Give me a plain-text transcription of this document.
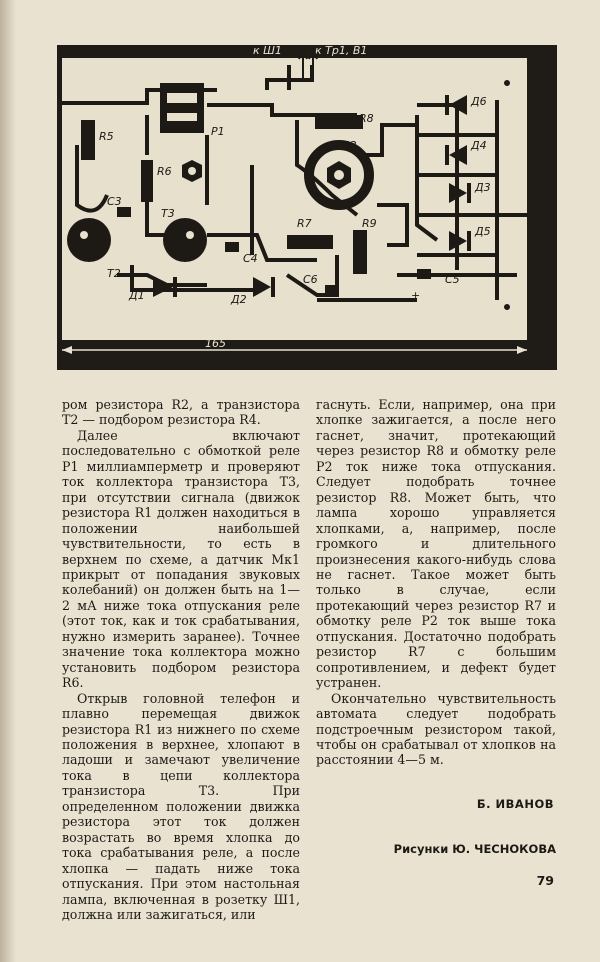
к Ш1	к Тр1, В1
P1
R5
R6
R8
P2
C3
T2
T3
C4
R7	R9
Д1	Д2
C6	C5
+
Д6
Д4
Д3
Д5
165

ром резистора R2, а транзистора Т2 — подбором резистора R4.

Далее включают последовательно с обмоткой реле Р1 миллиамперметр и проверяют ток коллектора транзистора Т3, при отсутствии сигнала (движок резистора R1 должен находиться в положении наибольшей чувствительности, то есть в верхнем по схеме, а датчик Мк1 прикрыт от попадания звуковых колебаний) он должен быть на 1—2 мА ниже тока отпускания реле (этот ток, как и ток срабатывания, нужно измерить заранее). Точнее значение тока коллектора можно установить подбором резистора R6.

Открыв головной телефон и плавно перемещая движок резистора R1 из нижнего по схеме положения в верхнее, хлопают в ладоши и замечают увеличение тока в цепи коллектора транзистора Т3. При определенном положении движка резистора этот ток должен возрастать во время хлопка до тока срабатывания реле, а после хлопка — падать ниже тока отпускания. При этом настольная лампа, включенная в розетку Ш1, должна или зажигаться, или

гаснуть. Если, например, она при хлопке зажигается, а после него гаснет, значит, протекающий через резистор R8 и обмотку реле Р2 ток ниже тока отпускания. Следует подобрать точнее резистор R8. Может быть, что лампа хорошо управляется хлопками, а, например, после громкого и длительного произнесения какого-нибудь слова не гаснет. Такое может быть только в случае, если протекающий через резистор R7 и обмотку реле Р2 ток выше тока отпускания. Достаточно подобрать резистор R7 с большим сопротивлением, и дефект будет устранен.

Окончательно чувствительность автомата следует подобрать подстроечным резистором такой, чтобы он срабатывал от хлопков на расстоянии 4—5 м.

Б. ИВАНОВ
Рисунки Ю. ЧЕСНОКОВА
79
